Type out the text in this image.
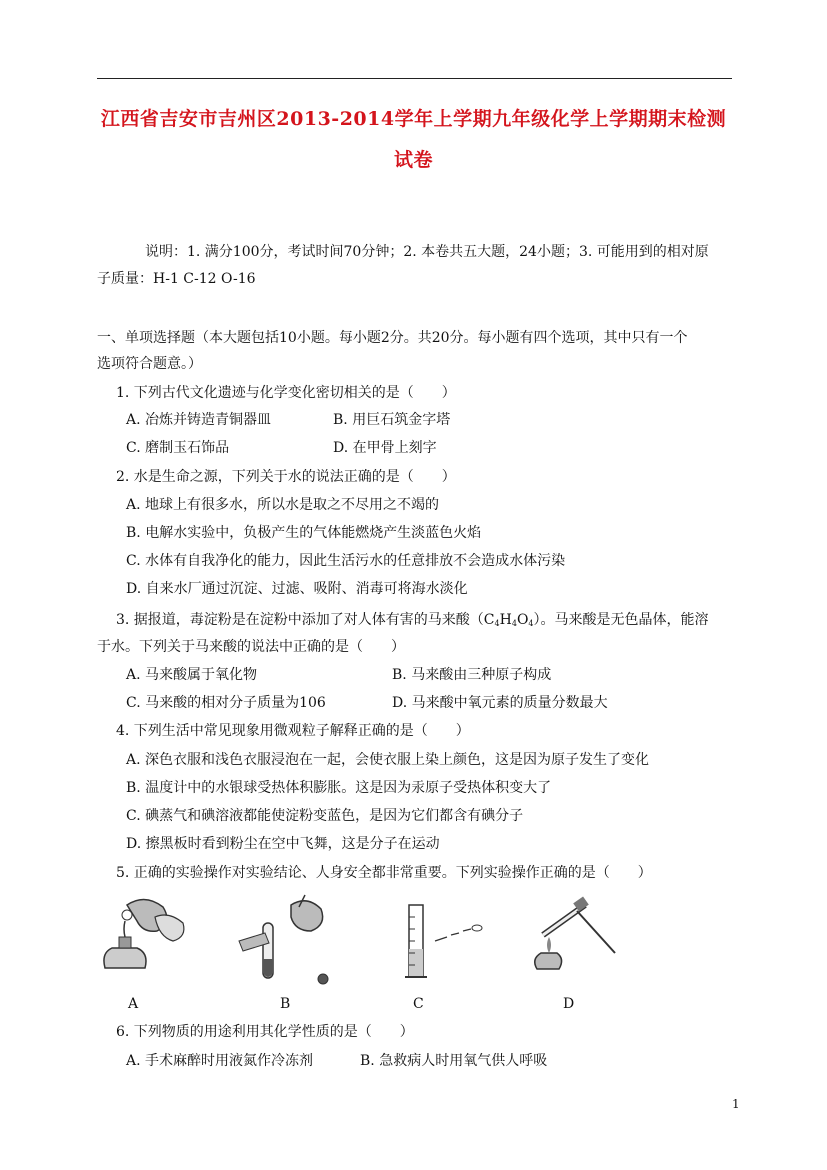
江西省吉安市吉州区2013-2014学年上学期九年级化学上学期期末检测
试卷
说明：1. 满分100分，考试时间70分钟；2. 本卷共五大题，24小题；3. 可能用到的相对原
子质量：H-1 C-12 O-16
一、单项选择题（本大题包括10小题。每小题2分。共20分。每小题有四个选项，其中只有一个
选项符合题意。）
1. 下列古代文化遗迹与化学变化密切相关的是（　　）
A. 冶炼并铸造青铜器皿	B. 用巨石筑金字塔
C. 磨制玉石饰品	D. 在甲骨上刻字
2. 水是生命之源，下列关于水的说法正确的是（　　）
A. 地球上有很多水，所以水是取之不尽用之不竭的
B. 电解水实验中，负极产生的气体能燃烧产生淡蓝色火焰
C. 水体有自我净化的能力，因此生活污水的任意排放不会造成水体污染
D. 自来水厂通过沉淀、过滤、吸附、消毒可将海水淡化
3. 据报道，毒淀粉是在淀粉中添加了对人体有害的马来酸$(C_4H_4O_4)$。马来酸是无色晶体，能溶
于水。下列关于马来酸的说法中正确的是（　　）
A. 马来酸属于氧化物	B. 马来酸由三种原子构成
C. 马来酸的相对分子质量为106	D. 马来酸中氧元素的质量分数最大
4. 下列生活中常见现象用微观粒子解释正确的是（　　）
A. 深色衣服和浅色衣服浸泡在一起，会使衣服上染上颜色，这是因为原子发生了变化
B. 温度计中的水银球受热体积膨胀。这是因为汞原子受热体积变大了
C. 碘蒸气和碘溶液都能使淀粉变蓝色，是因为它们都含有碘分子
D. 擦黑板时看到粉尘在空中飞舞，这是分子在运动
5. 正确的实验操作对实验结论、人身安全都非常重要。下列实验操作正确的是（　　）
A	B	C	D
6. 下列物质的用途利用其化学性质的是（　　）
A. 手术麻醉时用液氮作冷冻剂	B. 急救病人时用氧气供人呼吸
1
